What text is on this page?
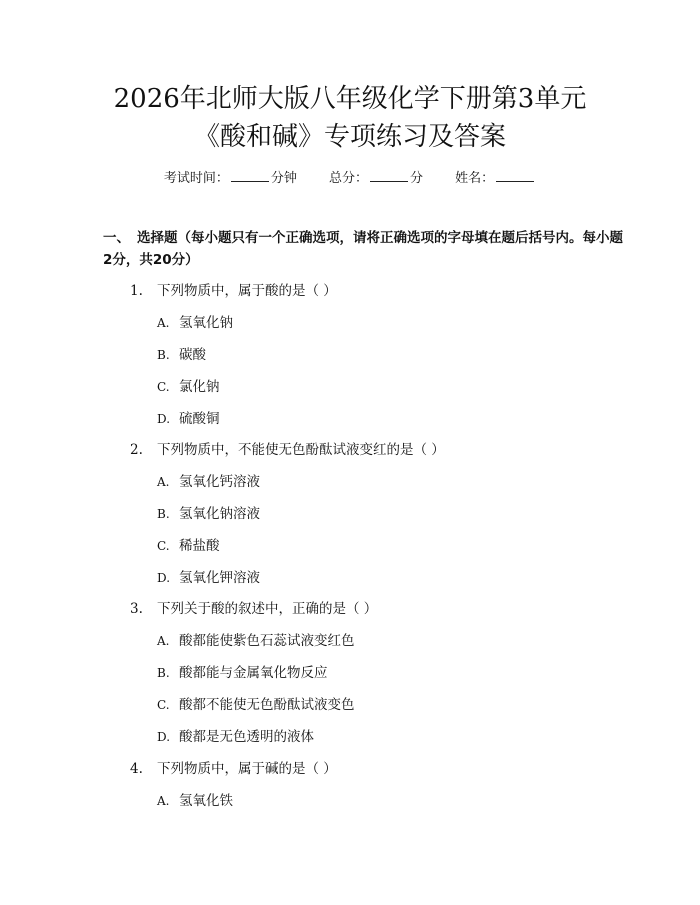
2026年北师大版八年级化学下册第3单元
《酸和碱》专项练习及答案
考试时间：	分钟 总分：	分 姓名：
一、 选择题（每小题只有一个正确选项，请将正确选项的字母填在题后括号内。每小题2分，共20分）
1. 下列物质中，属于酸的是（ ）
A. 氢氧化钠
B. 碳酸
C. 氯化钠
D. 硫酸铜
2. 下列物质中，不能使无色酚酞试液变红的是（ ）
A. 氢氧化钙溶液
B. 氢氧化钠溶液
C. 稀盐酸
D. 氢氧化钾溶液
3. 下列关于酸的叙述中，正确的是（ ）
A. 酸都能使紫色石蕊试液变红色
B. 酸都能与金属氧化物反应
C. 酸都不能使无色酚酞试液变色
D. 酸都是无色透明的液体
4. 下列物质中，属于碱的是（ ）
A. 氢氧化铁
